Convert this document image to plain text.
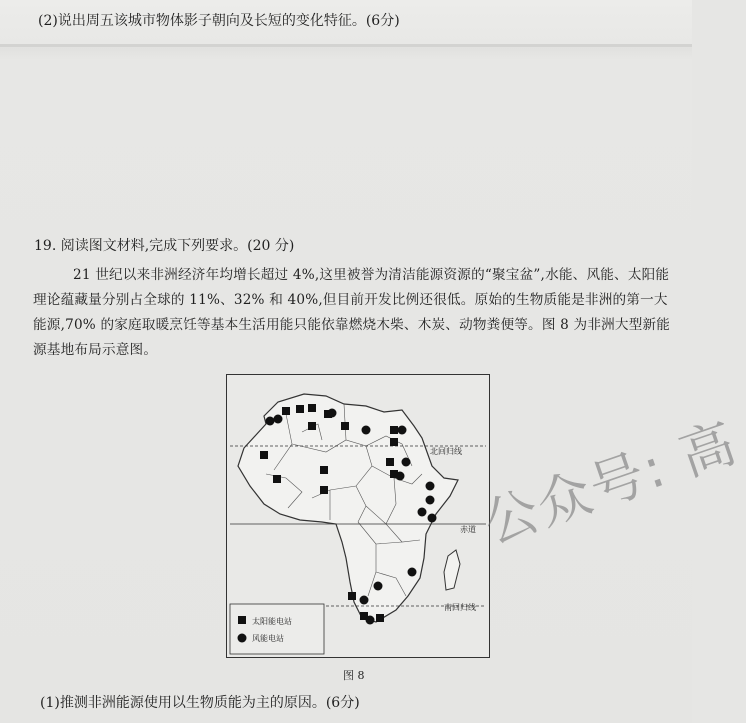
(2)说出周五该城市物体影子朝向及长短的变化特征。(6分)
19. 阅读图文材料,完成下列要求。(20 分)
21 世纪以来非洲经济年均增长超过 4%,这里被誉为清洁能源资源的“聚宝盆”,水能、风能、太阳能理论蕴藏量分别占全球的 11%、32% 和 40%,但目前开发比例还很低。原始的生物质能是非洲的第一大能源,70% 的家庭取暖烹饪等基本生活用能只能依靠燃烧木柴、木炭、动物粪便等。图 8 为非洲大型新能源基地布局示意图。
北回归线
赤道
南回归线
太阳能电站
风能电站
图 8
(1)推测非洲能源使用以生物质能为主的原因。(6分)
公众号: 高
